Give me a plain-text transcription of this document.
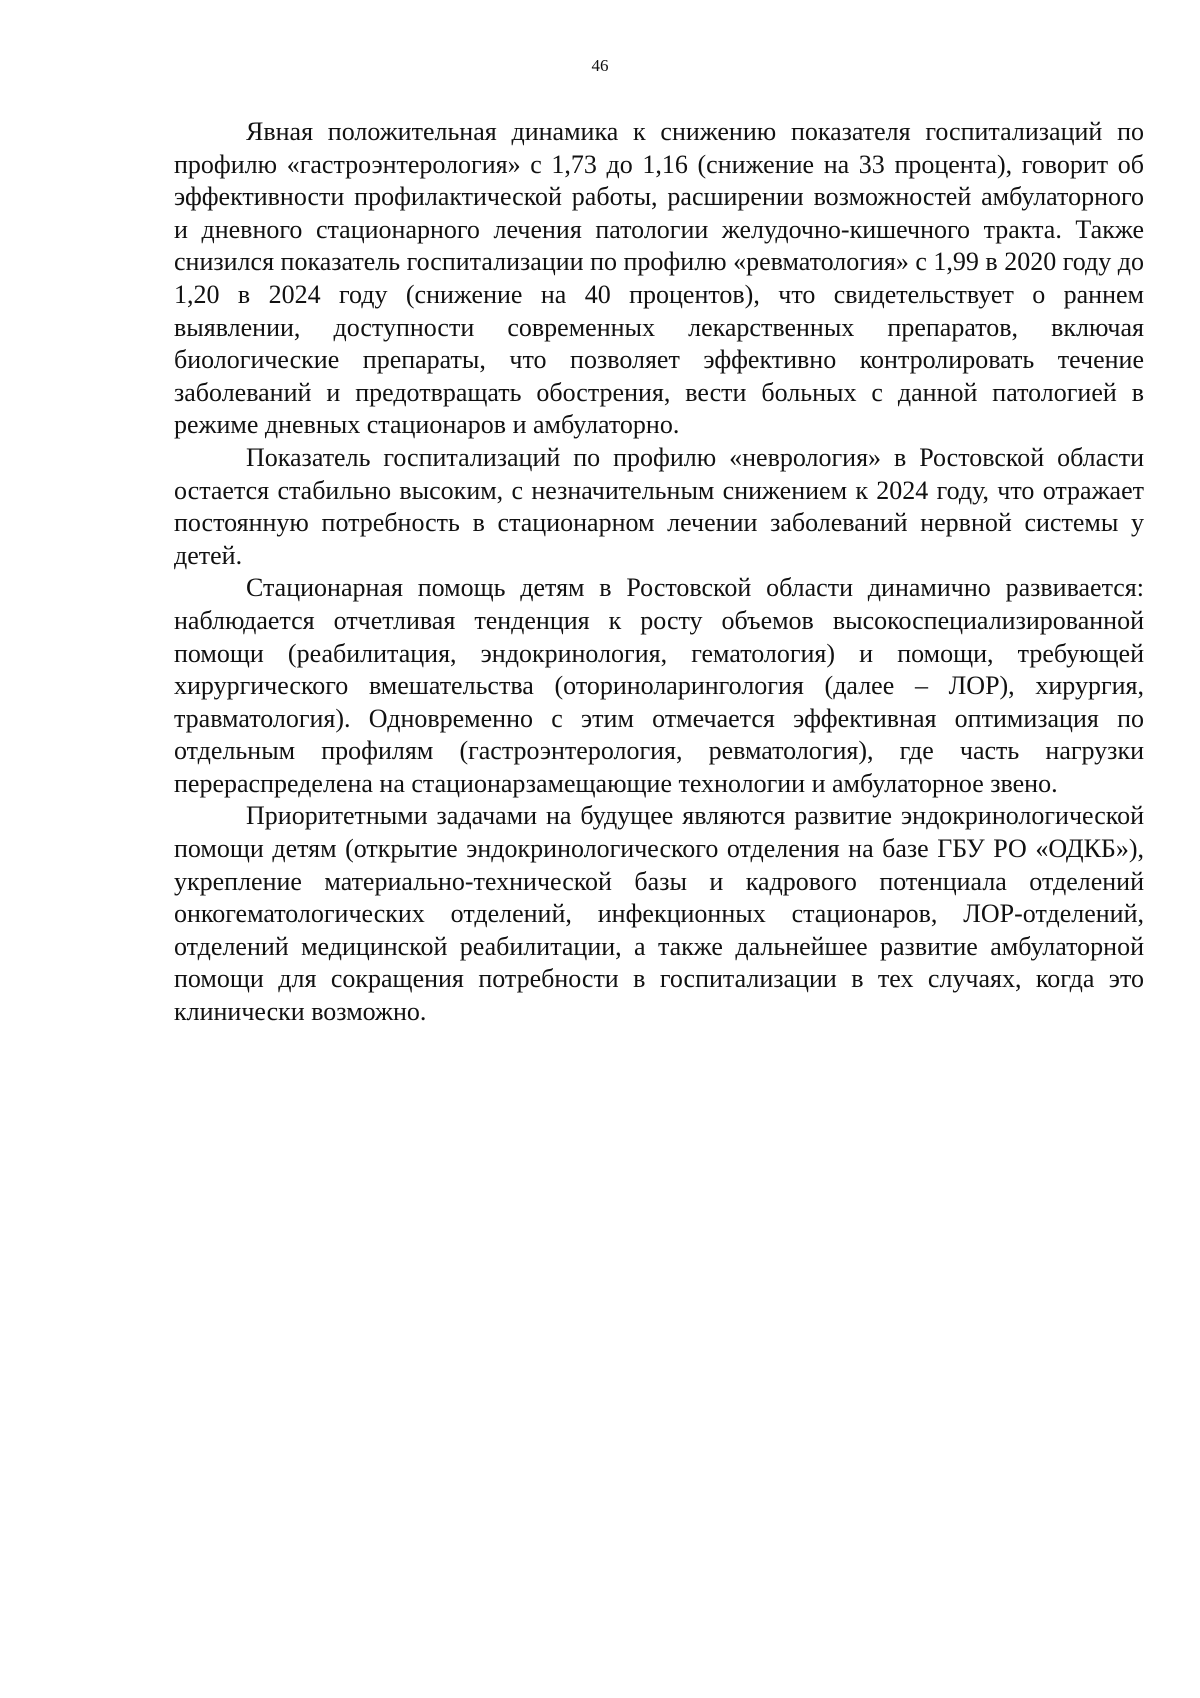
46

Явная положительная динамика к снижению показателя госпитализаций по профилю «гастроэнтерология» с 1,73 до 1,16 (снижение на 33 процента), говорит об эффективности профилактической работы, расширении возможностей амбулаторного и дневного стационарного лечения патологии желудочно-кишечного тракта. Также снизился показатель госпитализации по профилю «ревматология» с 1,99 в 2020 году до 1,20 в 2024 году (снижение на 40 процентов), что свидетельствует о раннем выявлении, доступности современных лекарственных препаратов, включая биологические препараты, что позволяет эффективно контролировать течение заболеваний и предотвращать обострения, вести больных с данной патологией в режиме дневных стационаров и амбулаторно.

Показатель госпитализаций по профилю «неврология» в Ростовской области остается стабильно высоким, с незначительным снижением к 2024 году, что отражает постоянную потребность в стационарном лечении заболеваний нервной системы у детей.

Стационарная помощь детям в Ростовской области динамично развивается: наблюдается отчетливая тенденция к росту объемов высокоспециализированной помощи (реабилитация, эндокринология, гематология) и помощи, требующей хирургического вмешательства (оториноларингология (далее – ЛОР), хирургия, травматология). Одновременно с этим отмечается эффективная оптимизация по отдельным профилям (гастроэнтерология, ревматология), где часть нагрузки перераспределена на стационарзамещающие технологии и амбулаторное звено.

Приоритетными задачами на будущее являются развитие эндокринологической помощи детям (открытие эндокринологического отделения на базе ГБУ РО «ОДКБ»), укрепление материально-технической базы и кадрового потенциала отделений онкогематологических отделений, инфекционных стационаров, ЛОР-отделений, отделений медицинской реабилитации, а также дальнейшее развитие амбулаторной помощи для сокращения потребности в госпитализации в тех случаях, когда это клинически возможно.
